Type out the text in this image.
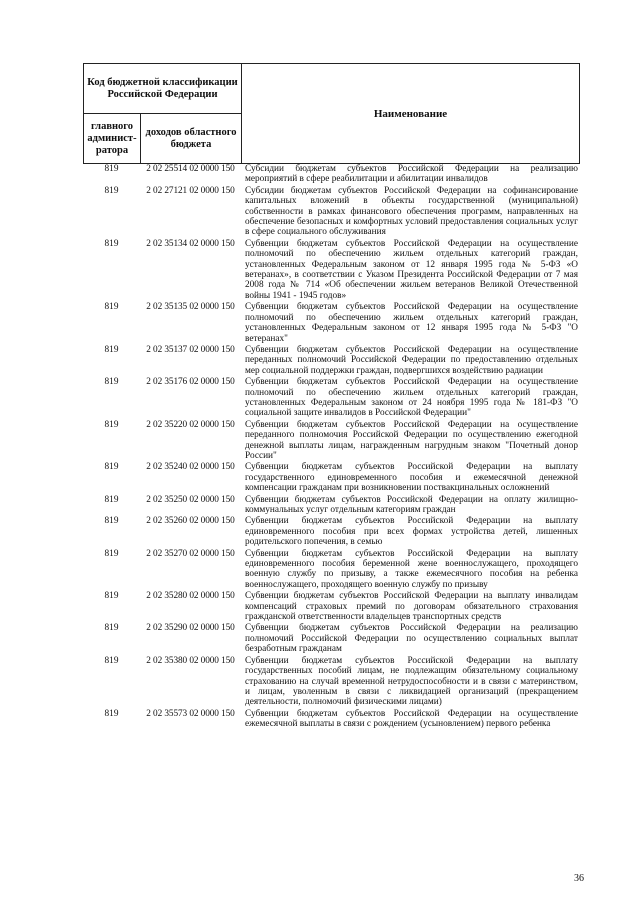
Код бюджетной классификации Российской Федерации		Наименование
главного админист-ратора	доходов областного бюджета	
819	2 02 25514 02 0000 150	Субсидии бюджетам субъектов Российской Федерации на реализацию мероприятий в сфере реабилитации и абилитации инвалидов
819	2 02 27121 02 0000 150	Субсидии бюджетам субъектов Российской Федерации на софинансирование капитальных вложений в объекты государственной (муниципальной) собственности в рамках финансового обеспечения программ, направленных на обеспечение безопасных и комфортных условий предоставления социальных услуг в сфере социального обслуживания
819	2 02 35134 02 0000 150	Субвенции бюджетам субъектов Российской Федерации на осуществление полномочий по обеспечению жильем отдельных категорий граждан, установленных Федеральным законом от 12 января 1995 года № 5-ФЗ «О ветеранах», в соответствии с Указом Президента Российской Федерации от 7 мая 2008 года № 714 «Об обеспечении жильем ветеранов Великой Отечественной войны 1941 - 1945 годов»
819	2 02 35135 02 0000 150	Субвенции бюджетам субъектов Российской Федерации на осуществление полномочий по обеспечению жильем отдельных категорий граждан, установленных Федеральным законом от 12 января 1995 года № 5-ФЗ "О ветеранах"
819	2 02 35137 02 0000 150	Субвенции бюджетам субъектов Российской Федерации на осуществление переданных полномочий Российской Федерации по предоставлению отдельных мер социальной поддержки граждан, подвергшихся воздействию радиации
819	2 02 35176 02 0000 150	Субвенции бюджетам субъектов Российской Федерации на осуществление полномочий по обеспечению жильем отдельных категорий граждан, установленных Федеральным законом от 24 ноября 1995 года № 181-ФЗ "О социальной защите инвалидов в Российской Федерации"
819	2 02 35220 02 0000 150	Субвенции бюджетам субъектов Российской Федерации на осуществление переданного полномочия Российской Федерации по осуществлению ежегодной денежной выплаты лицам, награжденным нагрудным знаком "Почетный донор России"
819	2 02 35240 02 0000 150	Субвенции бюджетам субъектов Российской Федерации на выплату государственного единовременного пособия и ежемесячной денежной компенсации гражданам при возникновении поствакцинальных осложнений
819	2 02 35250 02 0000 150	Субвенции бюджетам субъектов Российской Федерации на оплату жилищно-коммунальных услуг отдельным категориям граждан
819	2 02 35260 02 0000 150	Субвенции бюджетам субъектов Российской Федерации на выплату единовременного пособия при всех формах устройства детей, лишенных родительского попечения, в семью
819	2 02 35270 02 0000 150	Субвенции бюджетам субъектов Российской Федерации на выплату единовременного пособия беременной жене военнослужащего, проходящего военную службу по призыву, а также ежемесячного пособия на ребенка военнослужащего, проходящего военную службу по призыву
819	2 02 35280 02 0000 150	Субвенции бюджетам субъектов Российской Федерации на выплату инвалидам компенсаций страховых премий по договорам обязательного страхования гражданской ответственности владельцев транспортных средств
819	2 02 35290 02 0000 150	Субвенции бюджетам субъектов Российской Федерации на реализацию полномочий Российской Федерации по осуществлению социальных выплат безработным гражданам
819	2 02 35380 02 0000 150	Субвенции бюджетам субъектов Российской Федерации на выплату государственных пособий лицам, не подлежащим обязательному социальному страхованию на случай временной нетрудоспособности и в связи с материнством, и лицам, уволенным в связи с ликвидацией организаций (прекращением деятельности, полномочий физическими лицами)
819	2 02 35573 02 0000 150	Субвенции бюджетам субъектов Российской Федерации на осуществление ежемесячной выплаты в связи с рождением (усыновлением) первого ребенка
36
